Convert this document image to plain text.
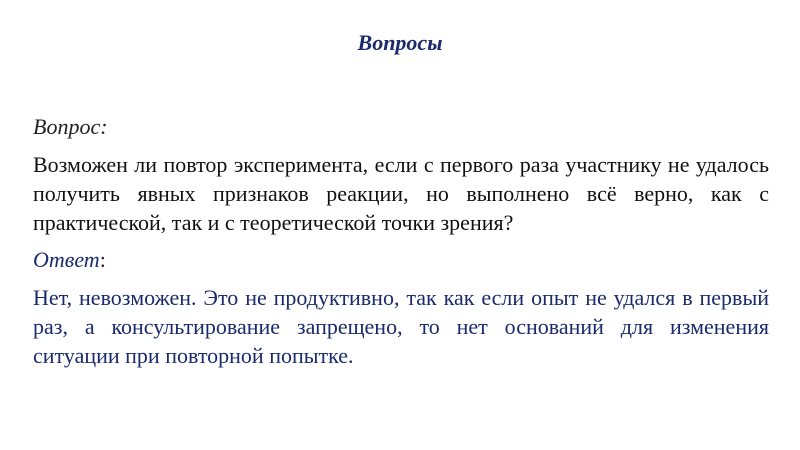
Вопросы

Вопрос:

Возможен ли повтор эксперимента, если с первого раза участнику не удалось получить явных признаков реакции, но выполнено всё верно, как с практической, так и с теоретической точки зрения?

Ответ:

Нет, невозможен. Это не продуктивно, так как если опыт не удался в первый раз, а консультирование запрещено, то нет оснований для изменения ситуации при повторной попытке.
